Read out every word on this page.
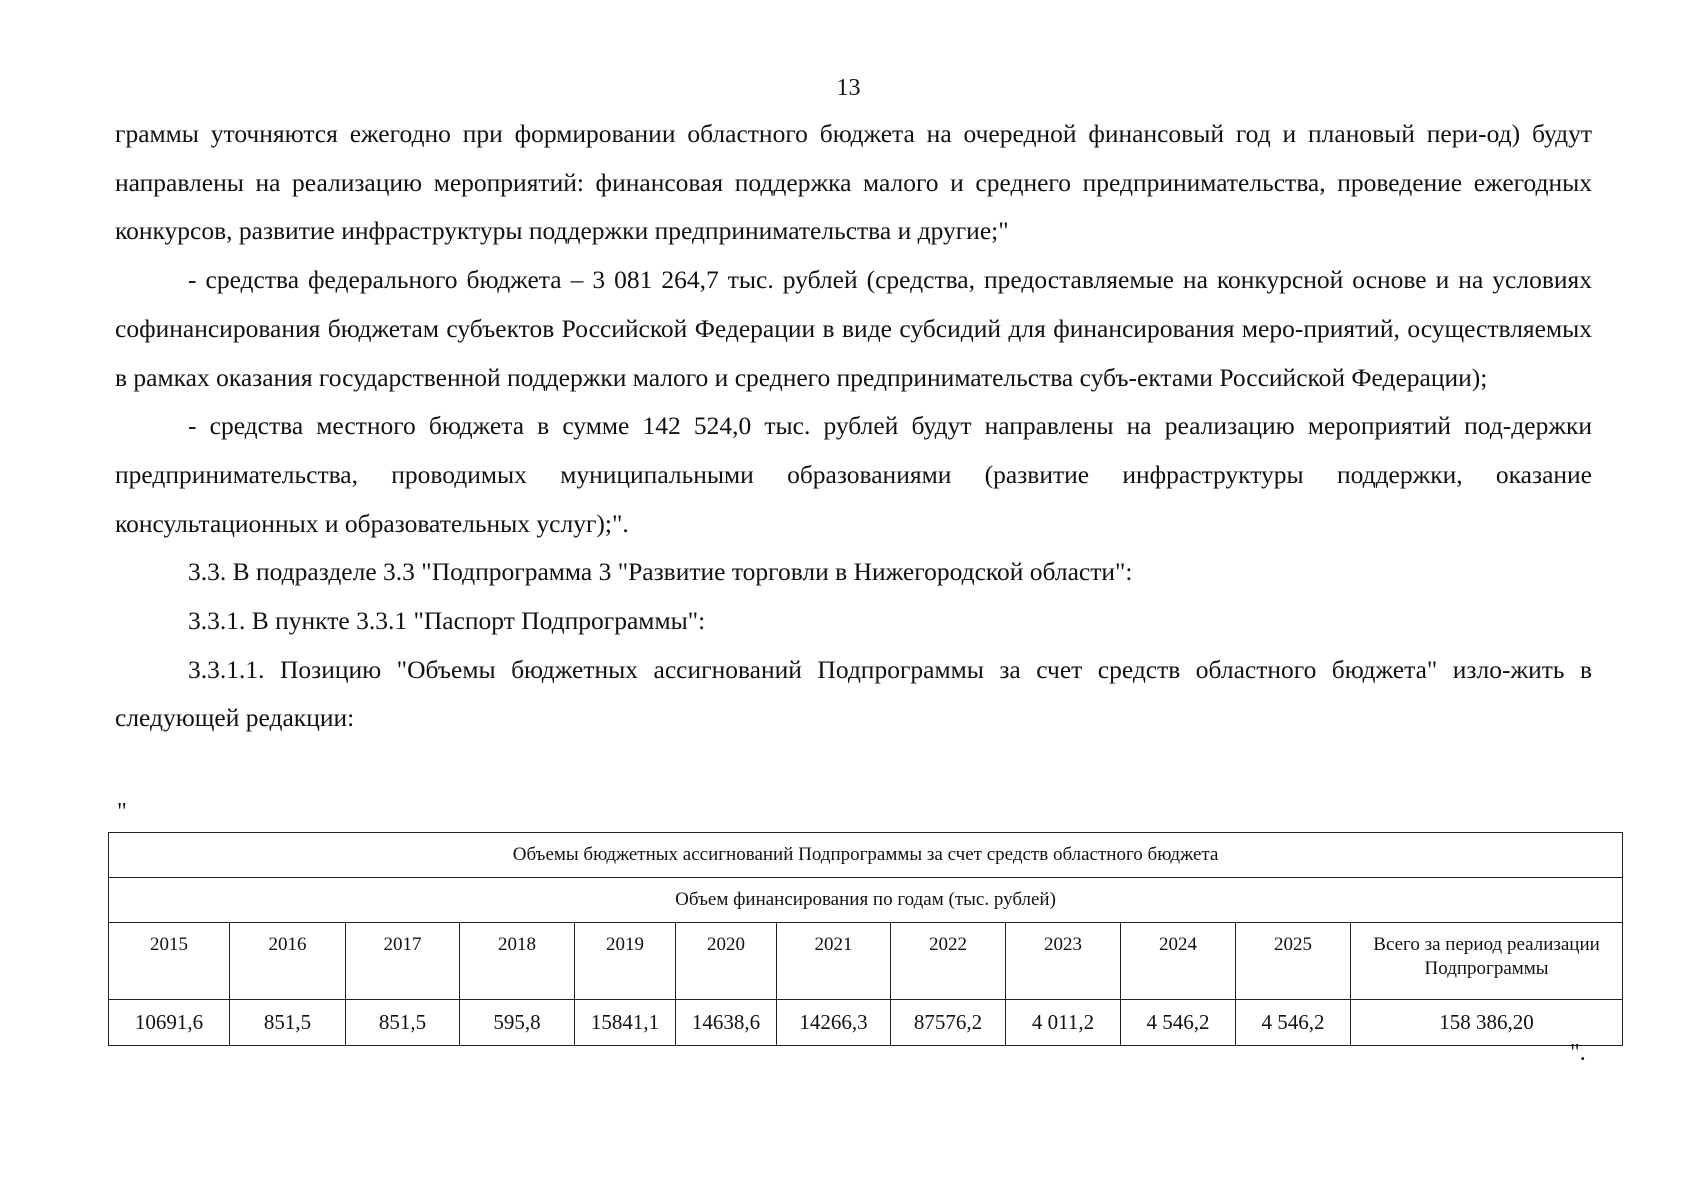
13

граммы уточняются ежегодно при формировании областного бюджета на очередной финансовый год и плановый пери-од) будут направлены на реализацию мероприятий: финансовая поддержка малого и среднего предпринимательства, проведение ежегодных конкурсов, развитие инфраструктуры поддержки предпринимательства и другие;"

- средства федерального бюджета – 3 081 264,7 тыс. рублей (средства, предоставляемые на конкурсной основе и на условиях софинансирования бюджетам субъектов Российской Федерации в виде субсидий для финансирования меро-приятий, осуществляемых в рамках оказания государственной поддержки малого и среднего предпринимательства субъ-ектами Российской Федерации);

- средства местного бюджета в сумме 142 524,0 тыс. рублей будут направлены на реализацию мероприятий под-держки предпринимательства, проводимых муниципальными образованиями (развитие инфраструктуры поддержки, оказание консультационных и образовательных услуг);".

3.3. В подразделе 3.3 "Подпрограмма 3 "Развитие торговли в Нижегородской области":

3.3.1. В пункте 3.3.1 "Паспорт Подпрограммы":

3.3.1.1. Позицию "Объемы бюджетных ассигнований Подпрограммы за счет средств областного бюджета" изло-жить в следующей редакции:

"
Объемы бюджетных ассигнований Подпрограммы за счет средств областного бюджета											
Объем финансирования по годам (тыс. рублей)											
2015	2016	2017	2018	2019	2020	2021	2022	2023	2024	2025	Всего за период реализации Подпрограммы
10691,6	851,5	851,5	595,8	15841,1	14638,6	14266,3	87576,2	4 011,2	4 546,2	4 546,2	158 386,20
".
